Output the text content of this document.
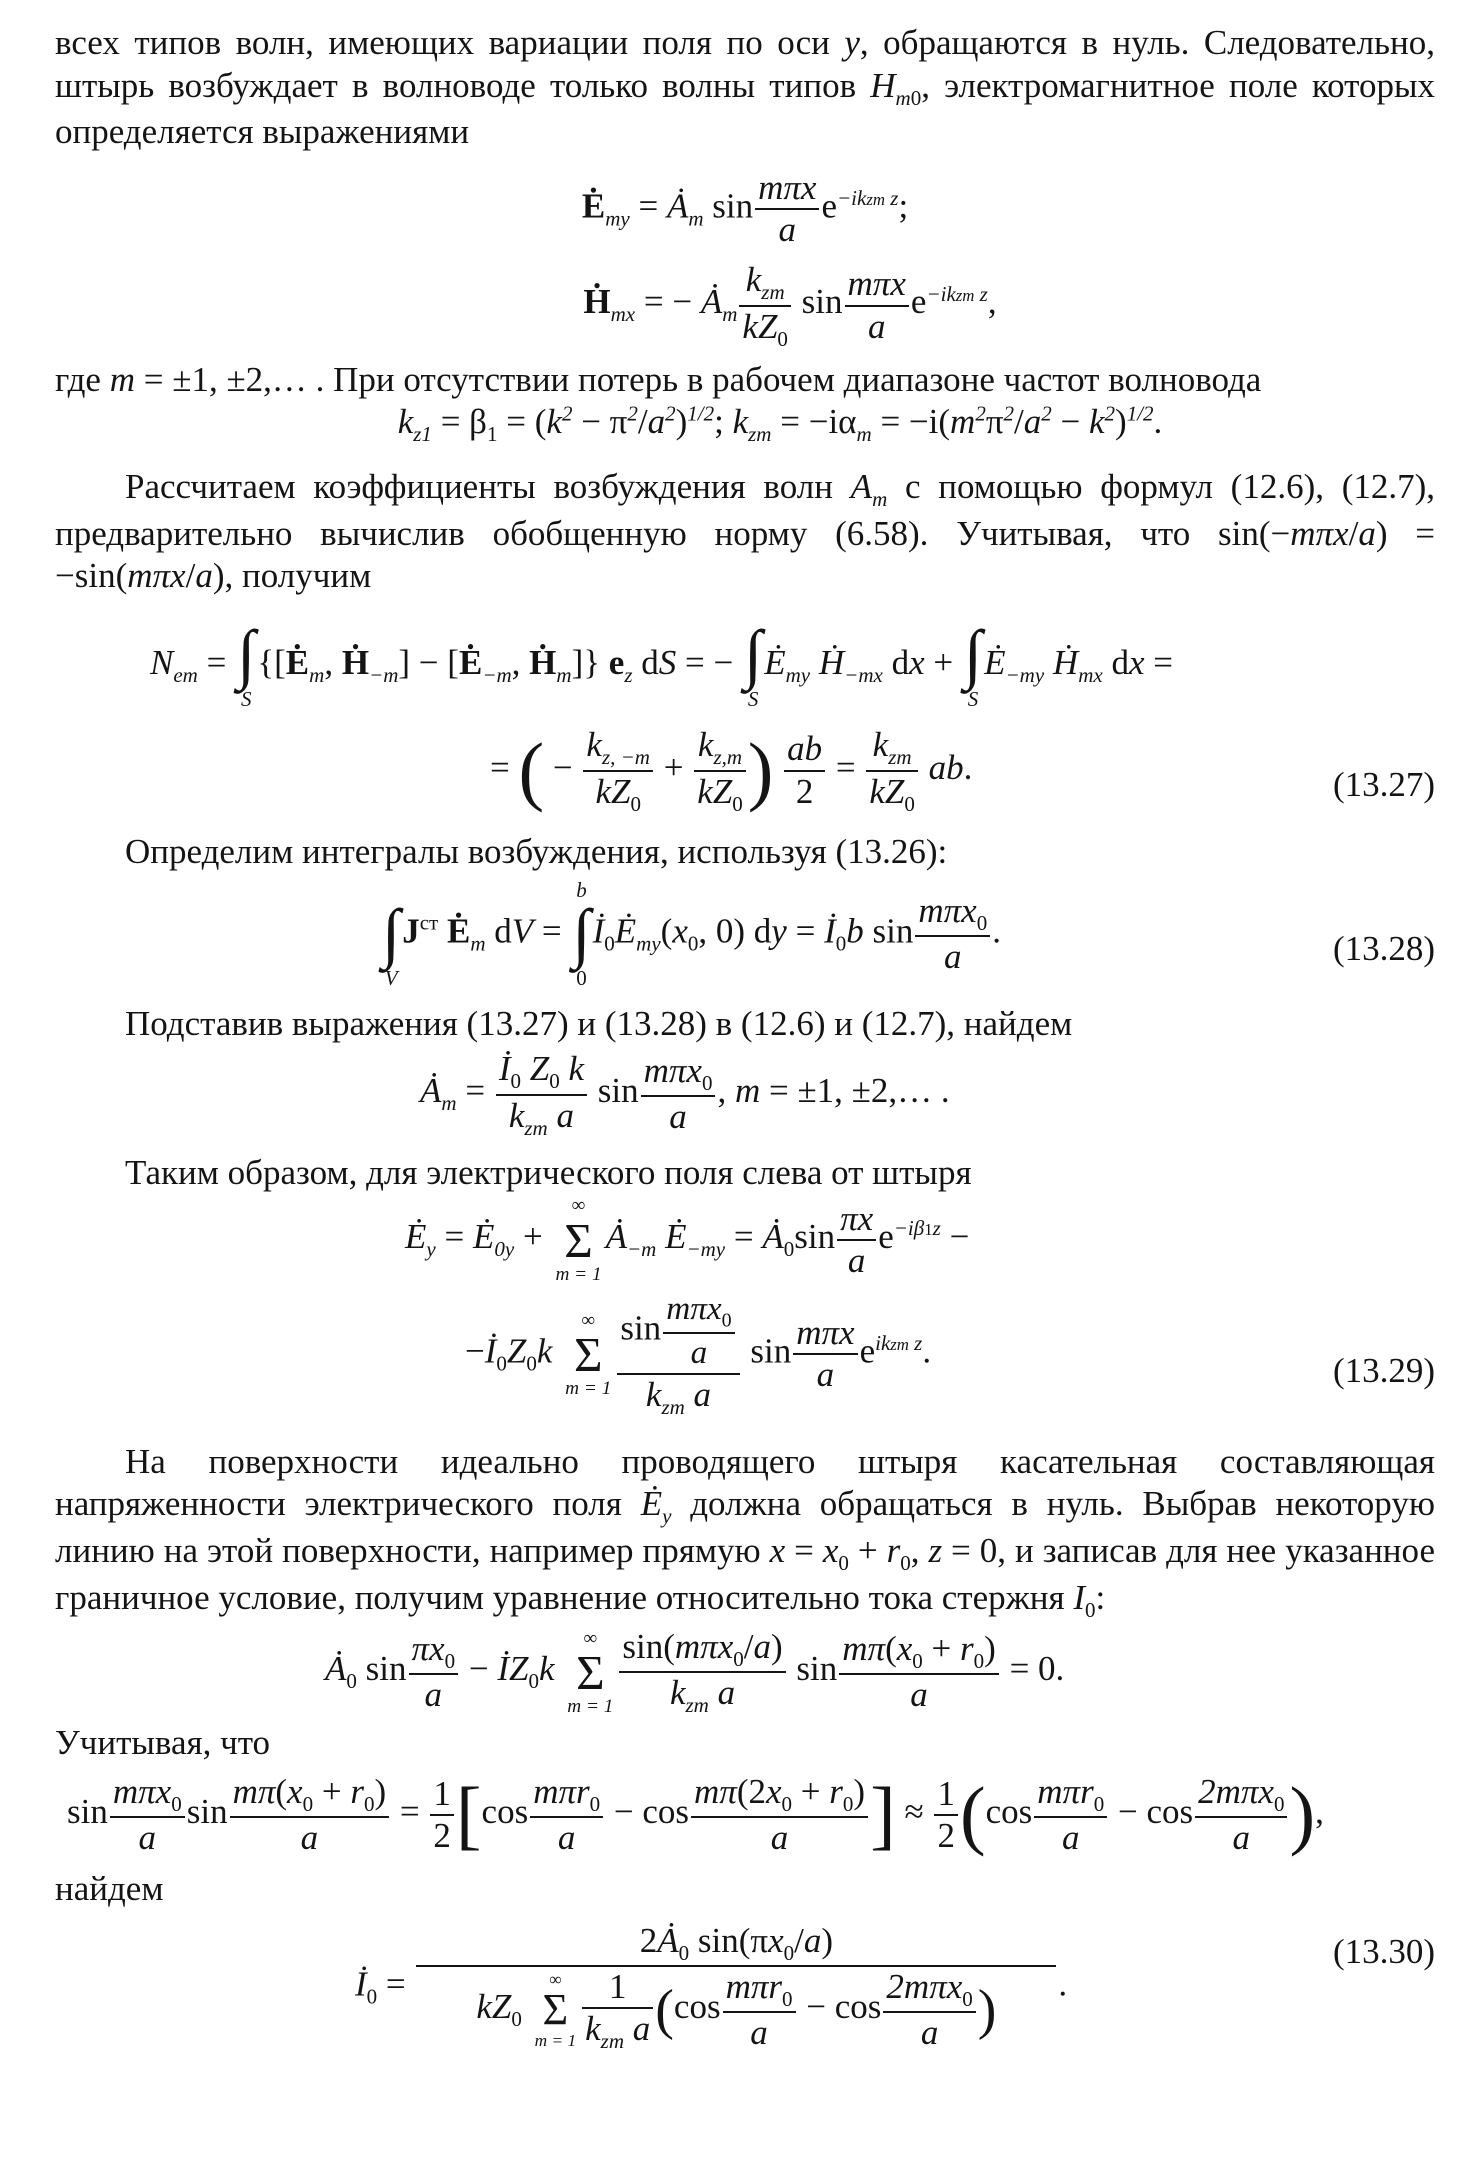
всех типов волн, имеющих вариации поля по оси y, обращаются в нуль. Следовательно, штырь возбуждает в волноводе только волны типов $H_{m0}$, электромагнитное поле которых определяется выражениями

$Ė_{my}$ = $Ȧ_m$ $\sin \frac{\text{mπx}}{a} e^{-ikzm z}$;
Ḣ$_{mx}$ = − $Ȧ_m \frac{k_{zm}}{kZ_0}$ $\sin \frac{\text{mπx}}{a} e^{-ikzm z}$,

где m = ±1, ±2,… . При отсутствии потерь в рабочем диапазоне частот волновода

$k_{z1} = \beta_1 = (k^2 - \pi^2/a^2)^{1/2}$; $k_{zm} = -i\alpha_m = -i(m^2\pi^2/a^2 - k^2)^{1/2}$.

Рассчитаем коэффициенты возбуждения волн $A_m$ с помощью формул (12.6), (12.7), предварительно вычислив обобщенную норму (6.58). Учитывая, что sin(−mπx/a) = −sin(mπx/a), получим

$N_{em}$ = ∫
S
{[$Ė_m$, Ḣ$_{-m}$] − [$Ė_{-m}$, Ḣ$_m$]} $e_z$ dS = − ∫
S
$Ė_{my}$ Ḣ$_{-mx}$ dx + ∫
S
$Ė_{-my}$ Ḣ$_{mx}$ dx =
= ( − $\frac{k_{z, -m}}{kZ_0} + \frac{k_{z,m}}{kZ_0}$ ) $\frac{ab}{2} = \frac{k_{zm}}{kZ_0}$ ab.	(13.27)

Определим интегралы возбуждения, используя (13.26):

∫
V
$J^{ст}$ $Ė_m$ dV =
b
∫
0
$İ_0Ė_{my}(x_0$, 0) dy = $İ_0b$ $\sin \frac{m\pi x_0}{a}$ .	(13.28)

Подставив выражения (13.27) и (13.28) в (12.6) и (12.7), найдем

$Ȧ_m = \frac{İ_0 Z_0 k}{k_{zm} a}$ $\sin \frac{m\pi x_0}{a}$ , m = ±1, ±2,… .

Таким образом, для электрического поля слева от штыря

$Ė_y$ = $Ė_{0y}$ +
∞
Σ
m = 1
$Ȧ_{-m}$ $Ė_{-my}$ = $Ȧ_0\sin \frac{\pi x}{a} e^{-i\beta 1z}$ −
$-İ_0Z_0k$
∞
Σ
$m = 1 \frac{\sin \frac{m\pi x_0}{a}}{k_{zm} a}$ $\sin \frac{\text{mπx}}{a} e^{ikzm z}$.	(13.29)

На поверхности идеально проводящего штыря касательная составляющая напряженности электрического поля $Ė_y$ должна обращаться в нуль. Выбрав некоторую линию на этой поверхности, например прямую $x = x_0 + r_0$, z = 0, и записав для нее указанное граничное условие, получим уравнение относительно тока стержня $I_0$:

$Ȧ_0$ $\sin \frac{\pi x_0}{a}$ − $İZ_0k$
∞
Σ
$m = 1 \frac{\sin(m\pi x_0/a)}{k_{zm} a}$ $\sin \frac{m\pi(x_0 + r_0)}{a} = 0$.

Учитывая, что

$\sin \frac{m\pi x_0}{a}$ $\sin \frac{m\pi(x_0 + r_0)}{a} = \frac{1}{2} [\cos \frac{m\pi r_0}{a} - \cos \frac{m\pi(2x_0 + r_0)}{a}$ ] ≈ $\frac{1}{2} (\cos \frac{m\pi r_0}{a} - \cos \frac{2m\pi x_0}{a}$ ),

найдем

$İ_0$ = $2Ȧ_0$ $\sin(\pi x_0/a)$
$kZ_0$
∞
Σ
$m = 1 \frac{1}{k_{zm} a} (\cos \frac{m\pi r_0}{a} - \cos \frac{2m\pi x_0}{a}$ ) .
(13.30)
